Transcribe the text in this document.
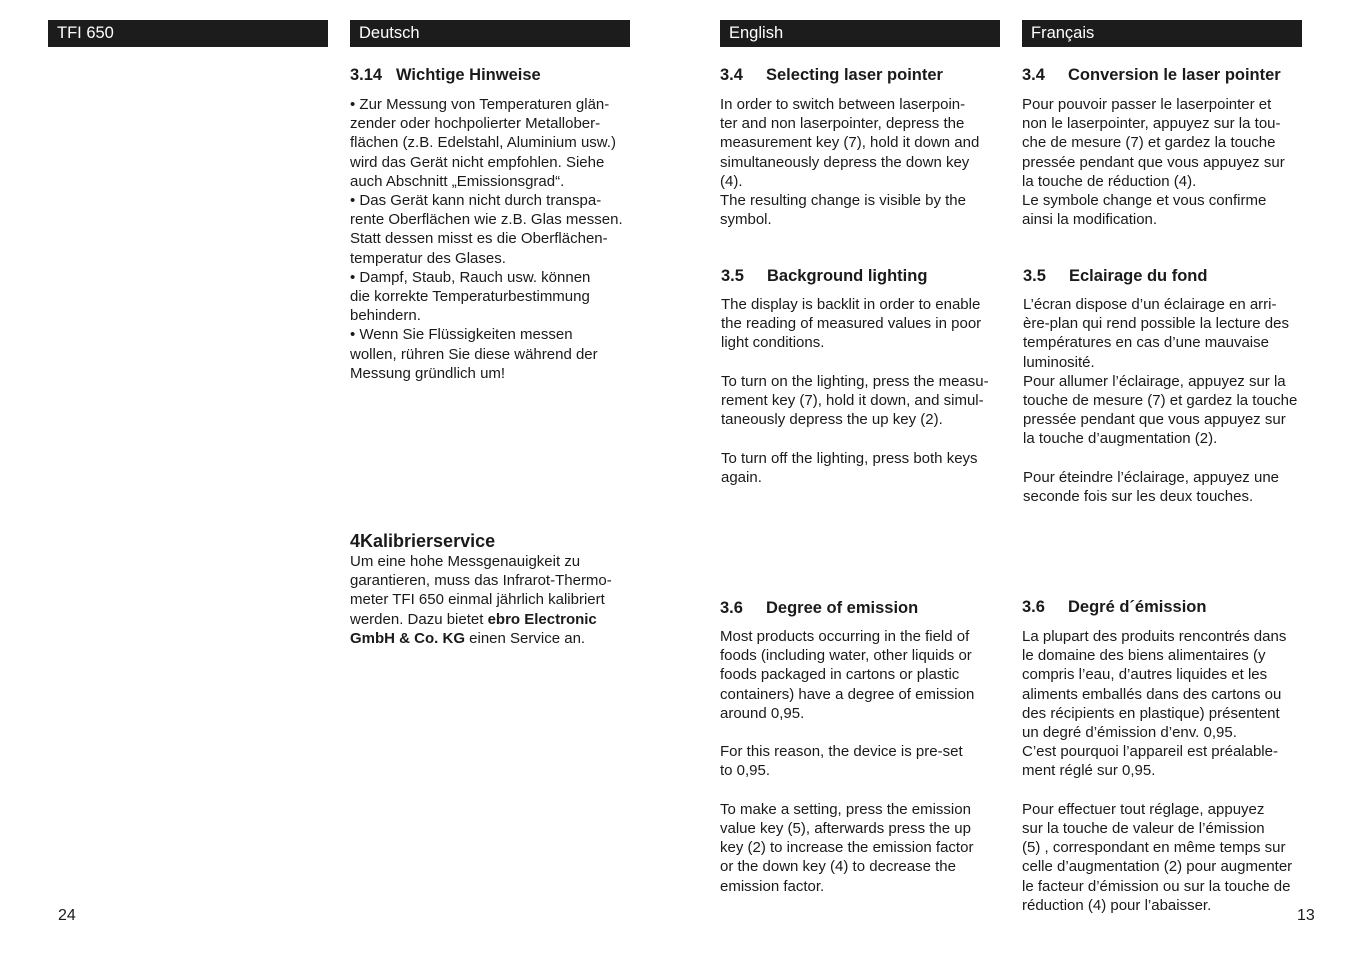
TFI 650	Deutsch	English	Français
3.14 Wichtige Hinweise

• Zur Messung von Temperaturen glän-

zender oder hochpolierter Metallober-

flächen (z.B. Edelstahl, Aluminium usw.)

wird das Gerät nicht empfohlen. Siehe

auch Abschnitt „Emissionsgrad“.

• Das Gerät kann nicht durch transpa-

rente Oberflächen wie z.B. Glas messen.

Statt dessen misst es die Oberflächen-

temperatur des Glases.

• Dampf, Staub, Rauch usw. können

die korrekte Temperaturbestimmung

behindern.

• Wenn Sie Flüssigkeiten messen

wollen, rühren Sie diese während der

Messung gründlich um!

4Kalibrierservice

Um eine hohe Messgenauigkeit zu

garantieren, muss das Infrarot-Thermo-

meter TFI 650 einmal jährlich kalibriert

werden. Dazu bietet ebro Electronic

GmbH & Co. KG einen Service an.

3.4 Selecting laser pointer

In order to switch between laserpoin-

ter and non laserpointer, depress the

measurement key (7), hold it down and

simultaneously depress the down key

(4).

The resulting change is visible by the

symbol.

3.5 Background lighting

The display is backlit in order to enable

the reading of measured values in poor

light conditions.

To turn on the lighting, press the measu-

rement key (7), hold it down, and simul-

taneously depress the up key (2).

To turn off the lighting, press both keys

again.

3.6 Degree of emission

Most products occurring in the field of

foods (including water, other liquids or

foods packaged in cartons or plastic

containers) have a degree of emission

around 0,95.

For this reason, the device is pre-set

to 0,95.

To make a setting, press the emission

value key (5), afterwards press the up

key (2) to increase the emission factor

or the down key (4) to decrease the

emission factor.

3.4 Conversion le laser pointer

Pour pouvoir passer le laserpointer et

non le laserpointer, appuyez sur la tou-

che de mesure (7) et gardez la touche

pressée pendant que vous appuyez sur

la touche de réduction (4).

Le symbole change et vous confirme

ainsi la modification.

3.5 Eclairage du fond

L’écran dispose d’un éclairage en arri-

ère-plan qui rend possible la lecture des

températures en cas d’une mauvaise

luminosité.

Pour allumer l’éclairage, appuyez sur la

touche de mesure (7) et gardez la touche

pressée pendant que vous appuyez sur

la touche d’augmentation (2).

Pour éteindre l’éclairage, appuyez une

seconde fois sur les deux touches.

3.6 Degré d´émission

La plupart des produits rencontrés dans

le domaine des biens alimentaires (y

compris l’eau, d’autres liquides et les

aliments emballés dans des cartons ou

des récipients en plastique) présentent

un degré d’émission d’env. 0,95.

C’est pourquoi l’appareil est préalable-

ment réglé sur 0,95.

Pour effectuer tout réglage, appuyez

sur la touche de valeur de l’émission

(5) , correspondant en même temps sur

celle d’augmentation (2) pour augmenter

le facteur d’émission ou sur la touche de

réduction (4) pour l’abaisser.

24	13
